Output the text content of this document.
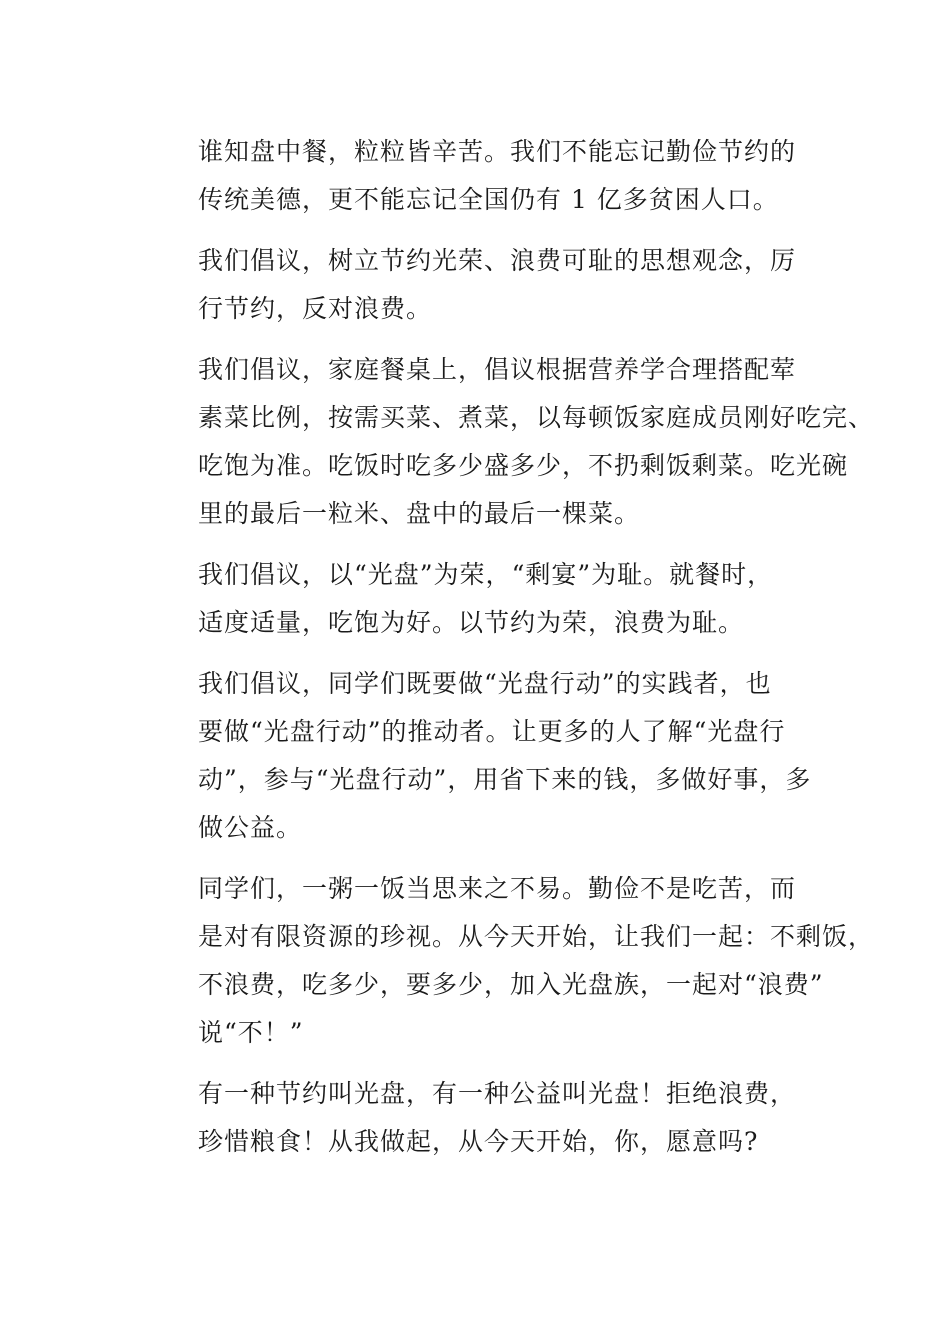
谁知盘中餐，粒粒皆辛苦。我们不能忘记勤俭节约的
传统美德，更不能忘记全国仍有 1 亿多贫困人口。

我们倡议，树立节约光荣、浪费可耻的思想观念，厉
行节约，反对浪费。

我们倡议，家庭餐桌上，倡议根据营养学合理搭配荤
素菜比例，按需买菜、煮菜，以每顿饭家庭成员刚好吃完、
吃饱为准。吃饭时吃多少盛多少，不扔剩饭剩菜。吃光碗
里的最后一粒米、盘中的最后一棵菜。

我们倡议，以“光盘”为荣，“剩宴”为耻。就餐时，
适度适量，吃饱为好。以节约为荣，浪费为耻。

我们倡议，同学们既要做“光盘行动”的实践者，也
要做“光盘行动”的推动者。让更多的人了解“光盘行
动”，参与“光盘行动”，用省下来的钱，多做好事，多
做公益。

同学们，一粥一饭当思来之不易。勤俭不是吃苦，而
是对有限资源的珍视。从今天开始，让我们一起：不剩饭，
不浪费，吃多少，要多少，加入光盘族，一起对“浪费”
说“不！”

有一种节约叫光盘，有一种公益叫光盘！拒绝浪费，
珍惜粮食！从我做起，从今天开始，你，愿意吗?
